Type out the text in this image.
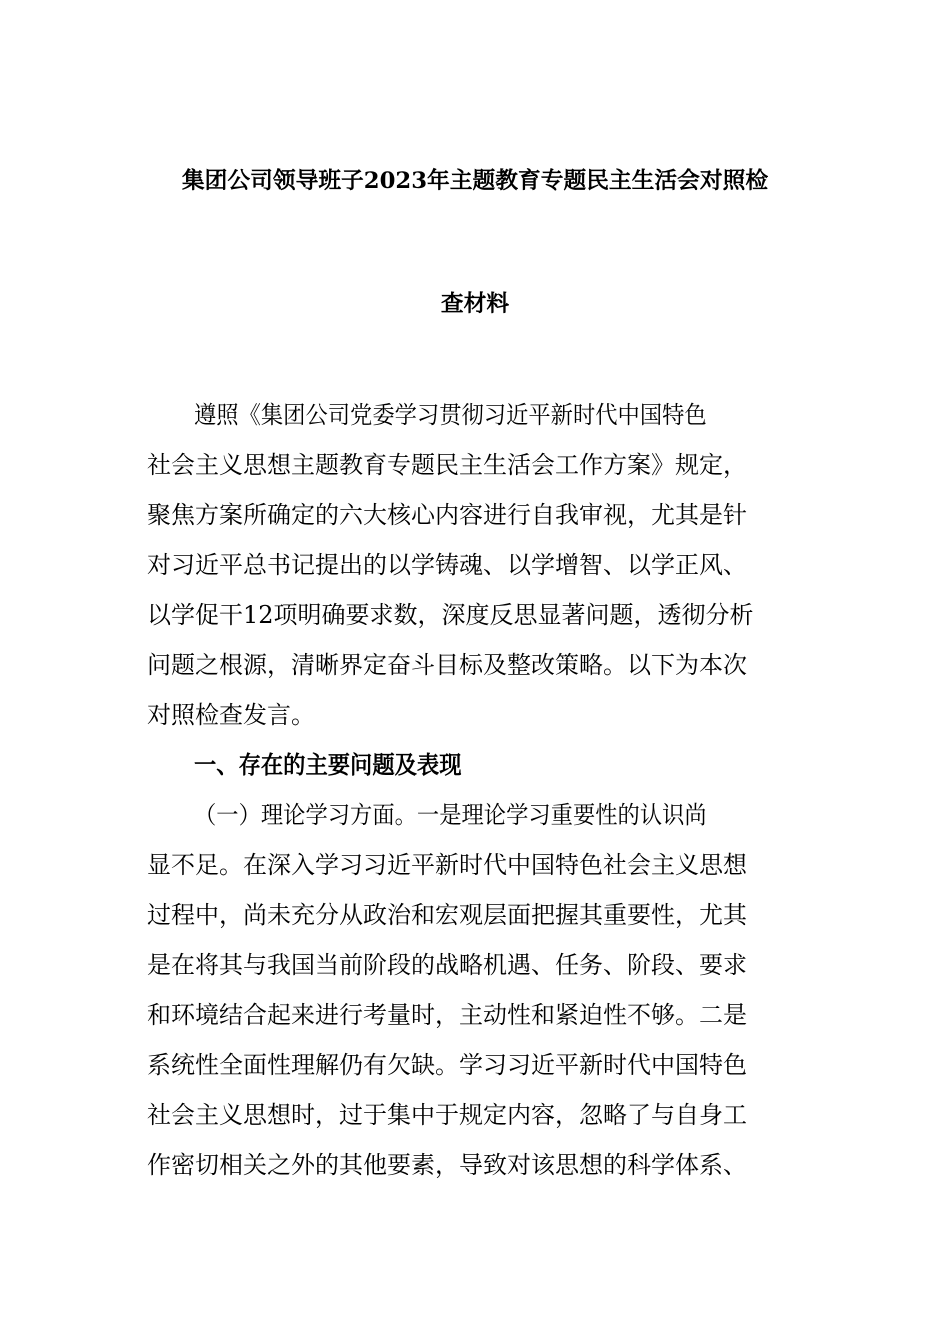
集团公司领导班子2023年主题教育专题民主生活会对照检
查材料
遵照《集团公司党委学习贯彻习近平新时代中国特色
社会主义思想主题教育专题民主生活会工作方案》规定，
聚焦方案所确定的六大核心内容进行自我审视，尤其是针
对习近平总书记提出的以学铸魂、以学增智、以学正风、
以学促干12项明确要求数，深度反思显著问题，透彻分析
问题之根源，清晰界定奋斗目标及整改策略。以下为本次
对照检查发言。
一、存在的主要问题及表现
（一）理论学习方面。一是理论学习重要性的认识尚
显不足。在深入学习习近平新时代中国特色社会主义思想
过程中，尚未充分从政治和宏观层面把握其重要性，尤其
是在将其与我国当前阶段的战略机遇、任务、阶段、要求
和环境结合起来进行考量时，主动性和紧迫性不够。二是
系统性全面性理解仍有欠缺。学习习近平新时代中国特色
社会主义思想时，过于集中于规定内容，忽略了与自身工
作密切相关之外的其他要素，导致对该思想的科学体系、
